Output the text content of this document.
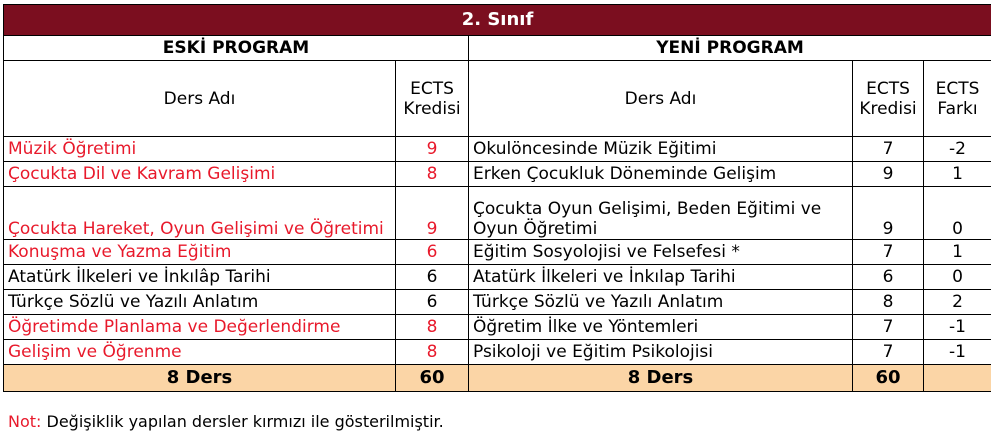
2. Sınıf				
ESKİ PROGRAM		YENİ PROGRAM		
Ders Adı	ECTS Kredisi	Ders Adı	ECTS Kredisi	ECTS Farkı
Müzik Öğretimi	9	Okulöncesinde Müzik Eğitimi	7	-2
Çocukta Dil ve Kavram Gelişimi	8	Erken Çocukluk Döneminde Gelişim	9	1
Çocukta Hareket, Oyun Gelişimi ve Öğretimi	9	Çocukta Oyun Gelişimi, Beden Eğitimi ve Oyun Öğretimi	9	0
Konuşma ve Yazma Eğitim	6	Eğitim Sosyolojisi ve Felsefesi *	7	1
Atatürk İlkeleri ve İnkılâp Tarihi	6	Atatürk İlkeleri ve İnkılap Tarihi	6	0
Türkçe Sözlü ve Yazılı Anlatım	6	Türkçe Sözlü ve Yazılı Anlatım	8	2
Öğretimde Planlama ve Değerlendirme	8	Öğretim İlke ve Yöntemleri	7	-1
Gelişim ve Öğrenme	8	Psikoloji ve Eğitim Psikolojisi	7	-1
8 Ders	60	8 Ders	60	
Not: Değişiklik yapılan dersler kırmızı ile gösterilmiştir.
